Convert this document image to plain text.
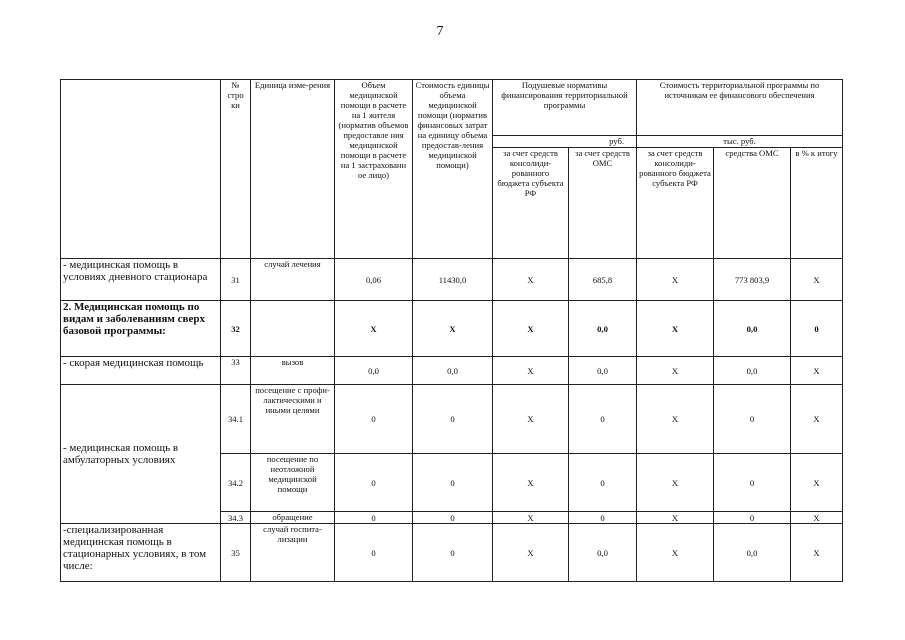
7
	№ стро ки	Единица изме-рения	Объем медицинской помощи в расчете на 1 жителя (норматив объемов предоставле ния медицинской помощи в расчете на 1 застрахованн ое лицо)	Стоимость единицы объема медицинской помощи (норматив финансовых затрат на единицу объема предостав-ления медицинской помощи)	Подушевые нормативы финансирования территориальной программы		Стоимость территориальной программы по источникам ее финансового обеспечения		
					руб.		тыс. руб.		
					за счет средств консолиди-рованного бюджета субъекта РФ	за счет средств ОМС	за счет средств консолиди-рованного бюджета субъекта РФ	средства ОМС	в % к итогу
- медицинская помощь в условиях дневного стационара	31	случай лечения	0,06	11430,0	Х	685,8	Х	773 803,9	Х
2. Медицинская помощь по видам и заболеваниям сверх базовой программы:	32		Х	Х	Х	0,0	Х	0,0	0
- скорая медицинская помощь	33	вызов	0,0	0,0	Х	0,0	Х	0,0	Х
- медицинская помощь в амбулаторных условиях	34.1	посещение с профи-лактическими и иными целями	0	0	Х	0	Х	0	Х
	34.2	посещение по неотложной медицинской помощи	0	0	Х	0	Х	0	Х
	34.3	обращение	0	0	Х	0	Х	0	Х
-специализированная медицинская помощь в стационарных условиях, в том числе:	35	случай госпита-лизации	0	0	Х	0,0	Х	0,0	Х
